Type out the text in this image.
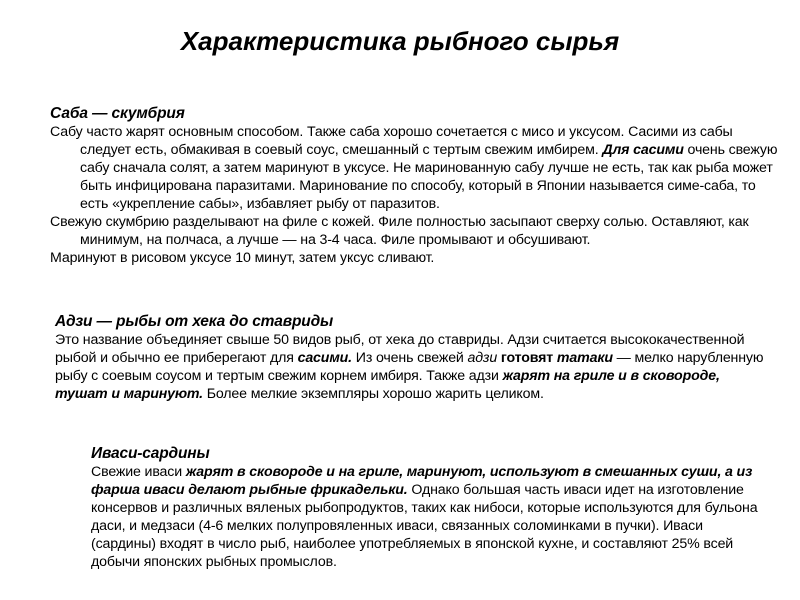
Характеристика рыбного сырья
Саба — скумбрия

Сабу часто жарят основным способом. Также саба хорошо сочетается с мисо и уксусом. Сасими из сабы следует есть, обмакивая в соевый соус, смешанный с тертым свежим имбирем. Для сасими очень свежую сабу сначала солят, а затем маринуют в уксусе. Не маринованную сабу лучше не есть, так как рыба может быть инфицирована паразитами. Маринование по способу, который в Японии называется симе-саба, то есть «укрепление сабы», избавляет рыбу от паразитов.

Свежую скумбрию разделывают на филе с кожей. Филе полностью засыпают сверху солью. Оставляют, как минимум, на полчаса, а лучше — на 3-4 часа. Филе промывают и обсушивают.

Маринуют в рисовом уксусе 10 минут, затем уксус сливают.

Адзи — рыбы от хека до ставриды

Это название объединяет свыше 50 видов рыб, от хека до ставриды. Адзи считается высококачественной рыбой и обычно ее приберегают для сасими. Из очень свежей адзи готовят татаки — мелко нарубленную рыбу с соевым соусом и тертым свежим корнем имбиря. Также адзи жарят на гриле и в сковороде, тушат и маринуют. Более мелкие экземпляры хорошо жарить целиком.

Иваси-сардины

Свежие иваси жарят в сковороде и на гриле, маринуют, используют в смешанных суши, а из фарша иваси делают рыбные фрикадельки. Однако большая часть иваси идет на изготовление консервов и различных вяленых рыбопродуктов, таких как нибоси, которые используются для бульона даси, и медзаси (4-6 мелких полупровяленных иваси, связанных соломинками в пучки). Иваси (сардины) входят в число рыб, наиболее употребляемых в японской кухне, и составляют 25% всей добычи японских рыбных промыслов.
